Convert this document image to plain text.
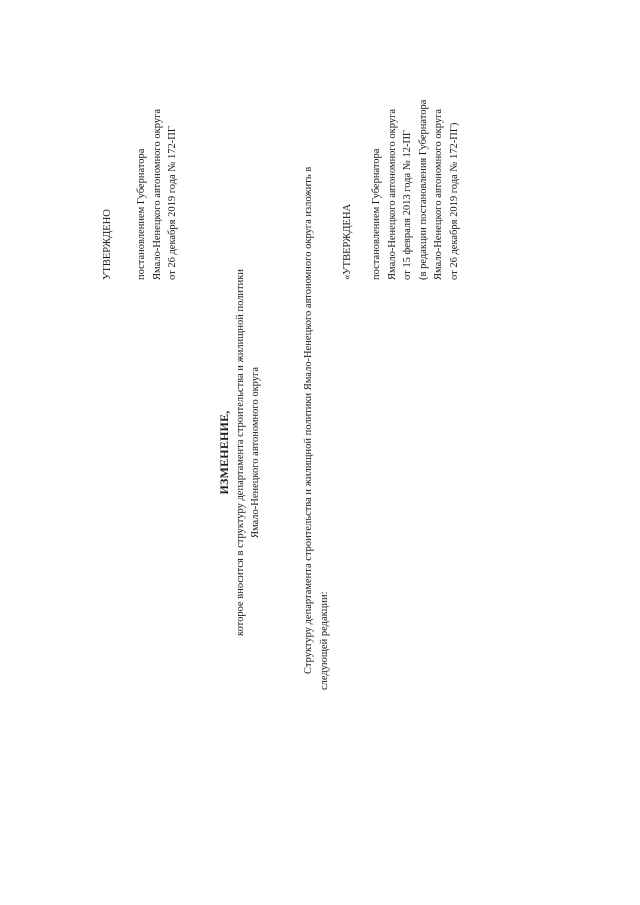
УТВЕРЖДЕНО постановлением Губернатора Ямало-Ненецкого автономного округа от 26 декабря 2019 года № 172-ПГ
ИЗМЕНЕНИЕ, которое вносится в структуру департамента строительства и жилищной политики Ямало-Ненецкого автономного округа	Структуру департамента строительства и жилищной политики Ямало-Ненецкого автономного округа изложить в следующей редакции:
«УТВЕРЖДЕНА постановлением Губернатора Ямало-Ненецкого автономного округа от 15 февраля 2013 года № 12-ПГ (в редакции постановления Губернатора Ямало-Ненецкого автономного округа от 26 декабря 2019 года № 172-ПГ)
